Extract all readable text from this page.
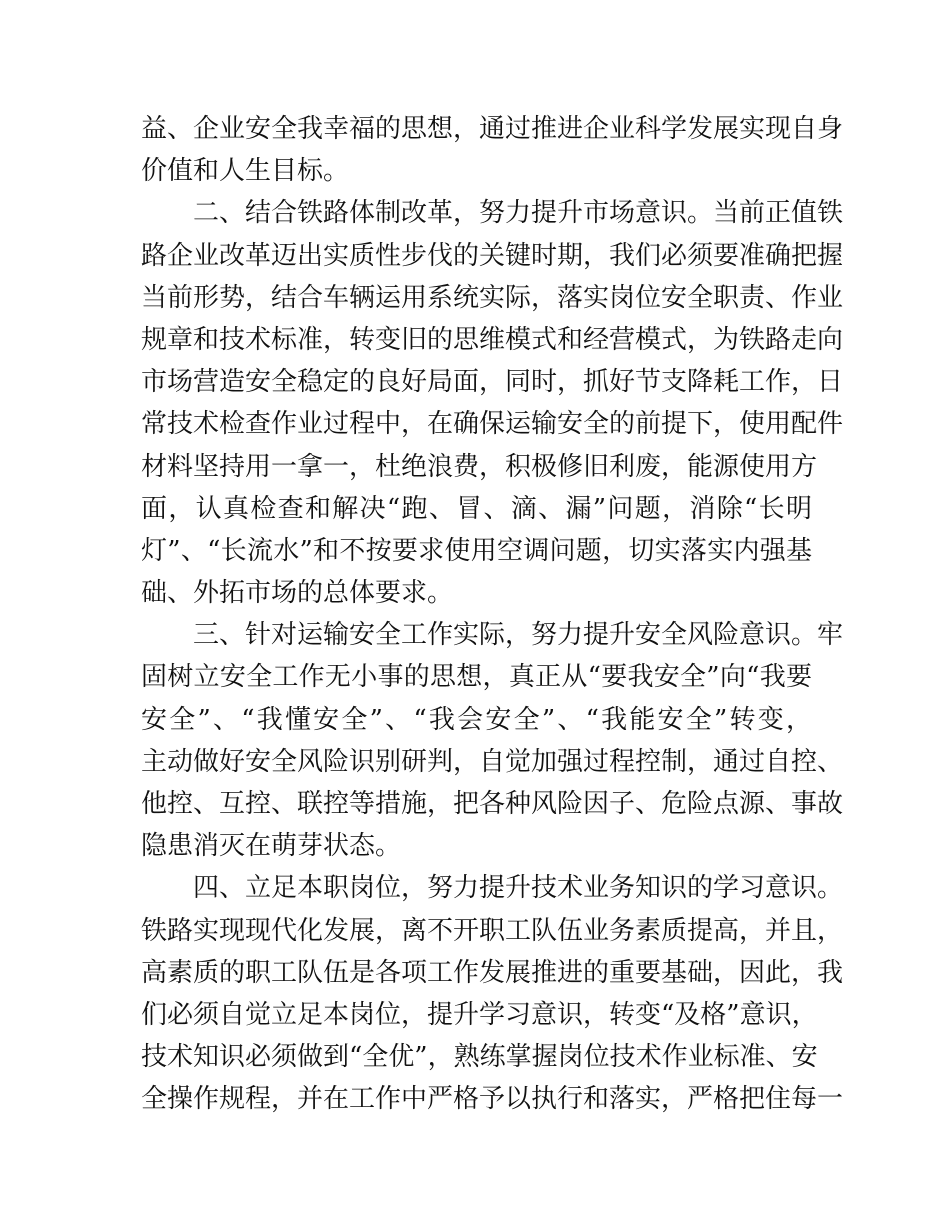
益、企业安全我幸福的思想，通过推进企业科学发展实现自身
价值和人生目标。
二、结合铁路体制改革，努力提升市场意识。当前正值铁
路企业改革迈出实质性步伐的关键时期，我们必须要准确把握
当前形势，结合车辆运用系统实际，落实岗位安全职责、作业
规章和技术标准，转变旧的思维模式和经营模式，为铁路走向
市场营造安全稳定的良好局面，同时，抓好节支降耗工作，日
常技术检查作业过程中，在确保运输安全的前提下，使用配件
材料坚持用一拿一，杜绝浪费，积极修旧利废，能源使用方
面，认真检查和解决“跑、冒、滴、漏”问题，消除“长明
灯”、“长流水”和不按要求使用空调问题，切实落实内强基
础、外拓市场的总体要求。
三、针对运输安全工作实际，努力提升安全风险意识。牢
固树立安全工作无小事的思想，真正从“要我安全”向“我要
安全”、“我懂安全”、“我会安全”、“我能安全”转变，
主动做好安全风险识别研判，自觉加强过程控制，通过自控、
他控、互控、联控等措施，把各种风险因子、危险点源、事故
隐患消灭在萌芽状态。
四、立足本职岗位，努力提升技术业务知识的学习意识。
铁路实现现代化发展，离不开职工队伍业务素质提高，并且，
高素质的职工队伍是各项工作发展推进的重要基础，因此，我
们必须自觉立足本岗位，提升学习意识，转变“及格”意识，
技术知识必须做到“全优”，熟练掌握岗位技术作业标准、安
全操作规程，并在工作中严格予以执行和落实，严格把住每一
